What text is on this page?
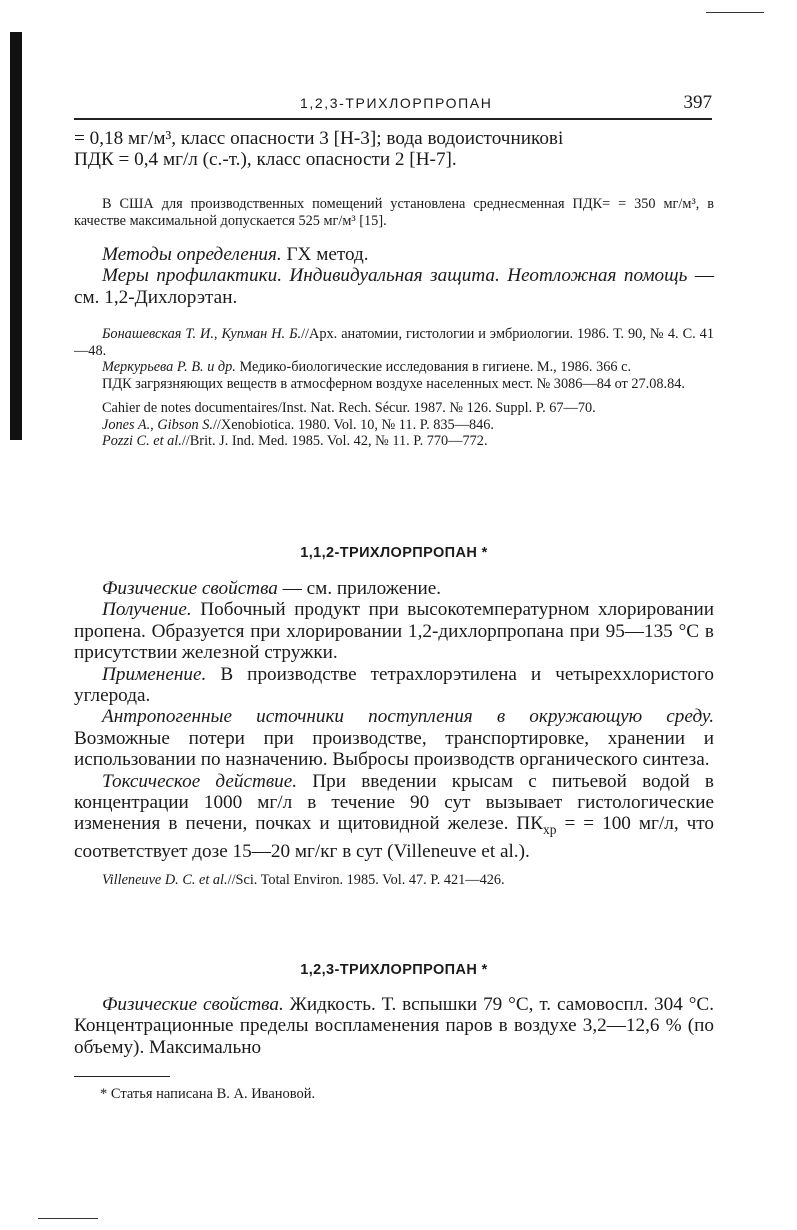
1,2,3-ТРИХЛОРПРОПАН	397

= 0,18 мг/м³, класс опасности 3 [Н-3]; вода водоисточникові

ПДК = 0,4 мг/л (с.-т.), класс опасности 2 [Н-7].

В США для производственных помещений установлена среднесменная ПДК= = 350 мг/м³, в качестве максимальной допускается 525 мг/м³ [15].

Методы определения. ГХ метод.

Меры профилактики. Индивидуальная защита. Неотложная помощь — см. 1,2-Дихлорэтан.

Бонашевская Т. И., Купман Н. Б.//Арх. анатомии, гистологии и эмбриологии. 1986. Т. 90, № 4. С. 41—48.

Меркурьева Р. В. и др. Медико-биологические исследования в гигиене. М., 1986. 366 с.

ПДК загрязняющих веществ в атмосферном воздухе населенных мест. № 3086—84 от 27.08.84.

Cahier de notes documentaires/Inst. Nat. Rech. Sécur. 1987. № 126. Suppl. P. 67—70.

Jones A., Gibson S.//Xenobiotica. 1980. Vol. 10, № 11. P. 835—846.

Pozzi C. et al.//Brit. J. Ind. Med. 1985. Vol. 42, № 11. P. 770—772.

1,1,2-ТРИХЛОРПРОПАН *

Физические свойства — см. приложение.

Получение. Побочный продукт при высокотемпературном хлорировании пропена. Образуется при хлорировании 1,2-дихлорпропана при 95—135 °С в присутствии железной стружки.

Применение. В производстве тетрахлорэтилена и четыреххлористого углерода.

Антропогенные источники поступления в окружающую среду. Возможные потери при производстве, транспортировке, хранении и использовании по назначению. Выбросы производств органического синтеза.

Токсическое действие. При введении крысам с питьевой водой в концентрации 1000 мг/л в течение 90 сут вызывает гистологические изменения в печени, почках и щитовидной железе. $ПК_{хр}$ = = 100 мг/л, что соответствует дозе 15—20 мг/кг в сут (Villeneuve et al.).

Villeneuve D. C. et al.//Sci. Total Environ. 1985. Vol. 47. P. 421—426.

1,2,3-ТРИХЛОРПРОПАН *

Физические свойства. Жидкость. Т. вспышки 79 °С, т. самовоспл. 304 °С. Концентрационные пределы воспламенения паров в воздухе 3,2—12,6 % (по объему). Максимально

* Статья написана В. А. Ивановой.
